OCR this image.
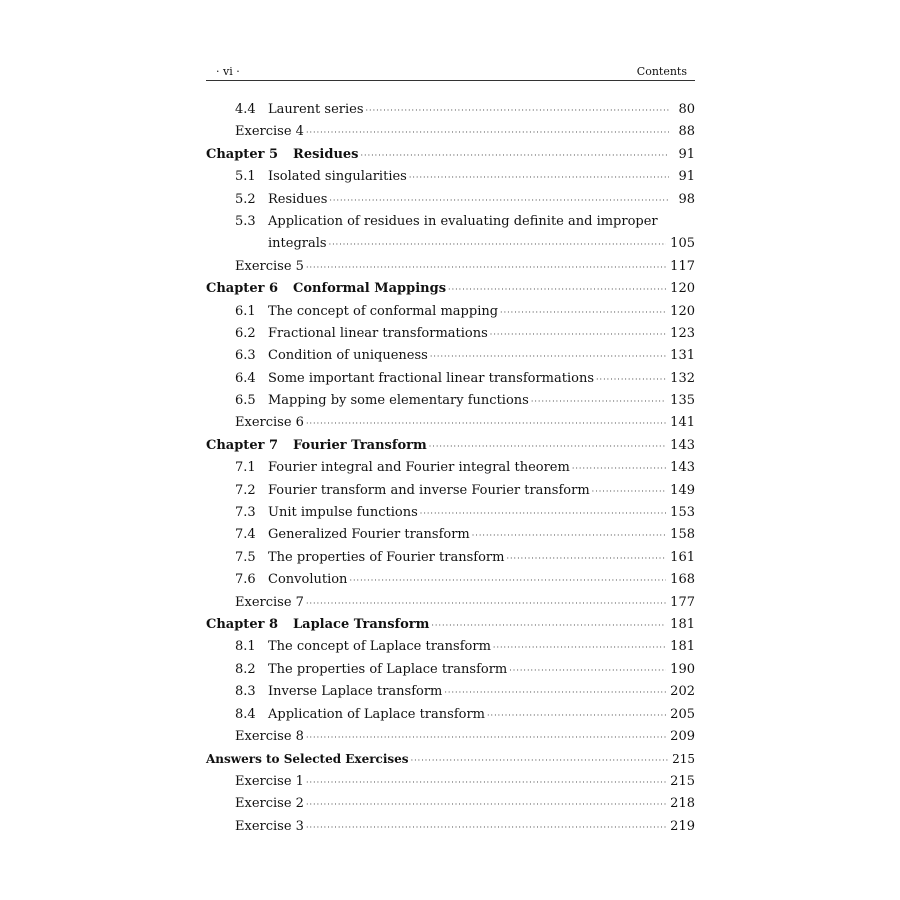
· vi ·	Contents
4.4 Laurent series ·····	80
Exercise 4 ·····	88
Chapter 5 Residues ·····	91
5.1 Isolated singularities ·····	91
5.2 Residues ·····	98
5.3 Application of residues in evaluating definite and improper
integrals ·····	105
Exercise 5 ·····	117
Chapter 6 Conformal Mappings ·····	120
6.1 The concept of conformal mapping ·····	120
6.2 Fractional linear transformations ·····	123
6.3 Condition of uniqueness ·····	131
6.4 Some important fractional linear transformations ·····	132
6.5 Mapping by some elementary functions ·····	135
Exercise 6 ·····	141
Chapter 7 Fourier Transform ·····	143
7.1 Fourier integral and Fourier integral theorem ·····	143
7.2 Fourier transform and inverse Fourier transform ·····	149
7.3 Unit impulse functions ·····	153
7.4 Generalized Fourier transform ·····	158
7.5 The properties of Fourier transform ·····	161
7.6 Convolution ·····	168
Exercise 7 ·····	177
Chapter 8 Laplace Transform ·····	181
8.1 The concept of Laplace transform ·····	181
8.2 The properties of Laplace transform ·····	190
8.3 Inverse Laplace transform ·····	202
8.4 Application of Laplace transform ·····	205
Exercise 8 ·····	209
Answers to Selected Exercises ·····	215
Exercise 1 ·····	215
Exercise 2 ·····	218
Exercise 3 ·····	219
